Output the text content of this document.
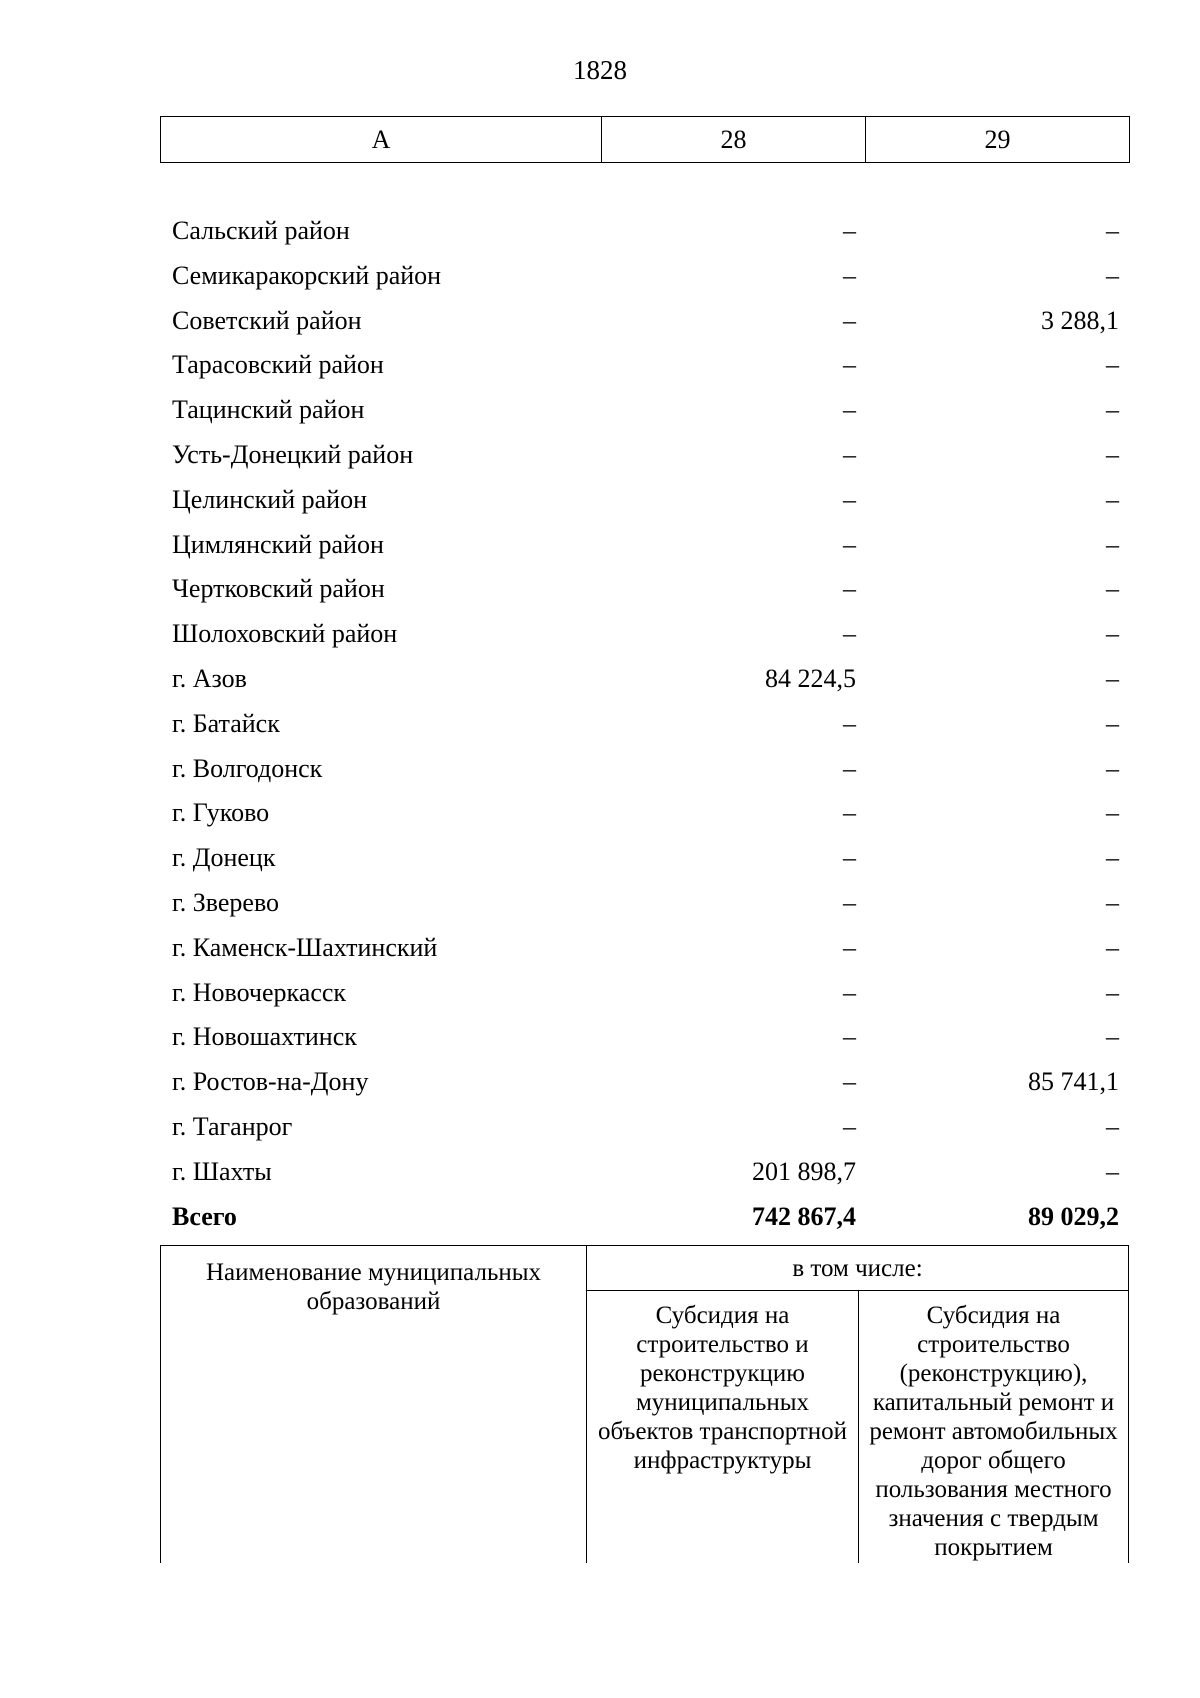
1828
А	28	29
Сальский район	–	–
Семикаракорский район	–	–
Советский район	–	3 288,1
Тарасовский район	–	–
Тацинский район	–	–
Усть-Донецкий район	–	–
Целинский район	–	–
Цимлянский район	–	–
Чертковский район	–	–
Шолоховский район	–	–
г. Азов	84 224,5	–
г. Батайск	–	–
г. Волгодонск	–	–
г. Гуково	–	–
г. Донецк	–	–
г. Зверево	–	–
г. Каменск-Шахтинский	–	–
г. Новочеркасск	–	–
г. Новошахтинск	–	–
г. Ростов-на-Дону	–	85 741,1
г. Таганрог	–	–
г. Шахты	201 898,7	–
Всего	742 867,4	89 029,2
Наименование муниципальных образований
в том числе:
Субсидия на строительство и реконструкцию муниципальных объектов транспортной инфраструктуры
Субсидия на строительство (реконструкцию), капитальный ремонт и ремонт автомобильных дорог общего пользования местного значения с твердым покрытием
